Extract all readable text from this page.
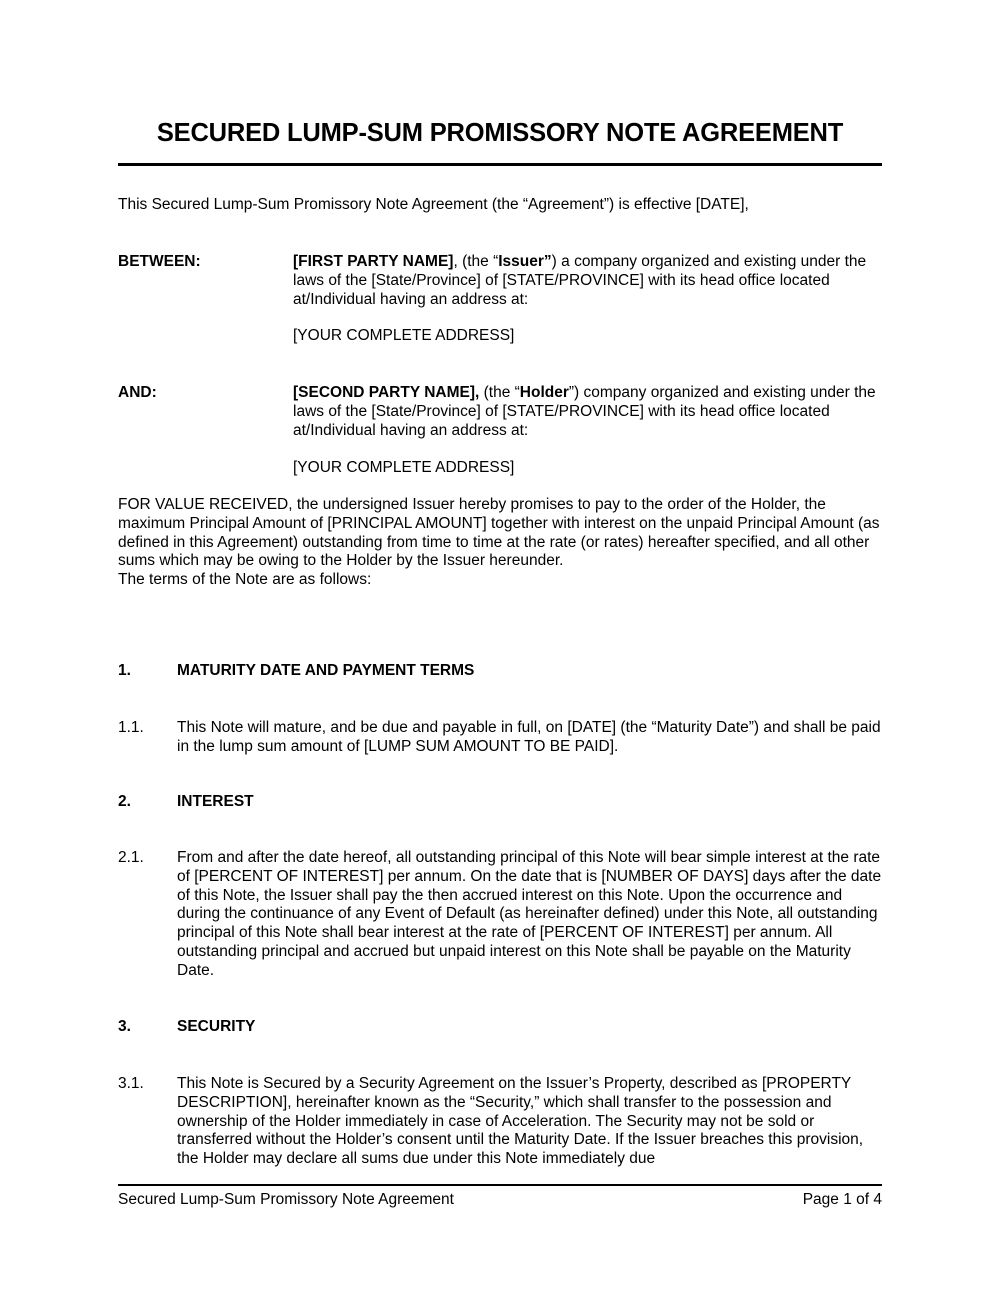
SECURED LUMP-SUM PROMISSORY NOTE AGREEMENT
This Secured Lump-Sum Promissory Note Agreement (the “Agreement”) is effective [DATE],
BETWEEN:	[FIRST PARTY NAME], (the “Issuer”) a company organized and existing under the laws of the [State/Province] of [STATE/PROVINCE] with its head office located at/Individual having an address at:
[YOUR COMPLETE ADDRESS]
AND:	[SECOND PARTY NAME], (the “Holder”) company organized and existing under the laws of the [State/Province] of [STATE/PROVINCE] with its head office located at/Individual having an address at:
[YOUR COMPLETE ADDRESS]
FOR VALUE RECEIVED, the undersigned Issuer hereby promises to pay to the order of the Holder, the maximum Principal Amount of [PRINCIPAL AMOUNT] together with interest on the unpaid Principal Amount (as defined in this Agreement) outstanding from time to time at the rate (or rates) hereafter specified, and all other sums which may be owing to the Holder by the Issuer hereunder.
The terms of the Note are as follows:
1.	MATURITY DATE AND PAYMENT TERMS
1.1. This Note will mature, and be due and payable in full, on [DATE] (the “Maturity Date”) and shall be paid in the lump sum amount of [LUMP SUM AMOUNT TO BE PAID].
2.	INTEREST
2.1. From and after the date hereof, all outstanding principal of this Note will bear simple interest at the rate of [PERCENT OF INTEREST] per annum. On the date that is [NUMBER OF DAYS] days after the date of this Note, the Issuer shall pay the then accrued interest on this Note. Upon the occurrence and during the continuance of any Event of Default (as hereinafter defined) under this Note, all outstanding principal of this Note shall bear interest at the rate of [PERCENT OF INTEREST] per annum. All outstanding principal and accrued but unpaid interest on this Note shall be payable on the Maturity Date.
3.	SECURITY
3.1. This Note is Secured by a Security Agreement on the Issuer’s Property, described as [PROPERTY DESCRIPTION], hereinafter known as the “Security,” which shall transfer to the possession and ownership of the Holder immediately in case of Acceleration. The Security may not be sold or transferred without the Holder’s consent until the Maturity Date. If the Issuer breaches this provision, the Holder may declare all sums due under this Note immediately due
Secured Lump-Sum Promissory Note Agreement	Page 1 of 4
